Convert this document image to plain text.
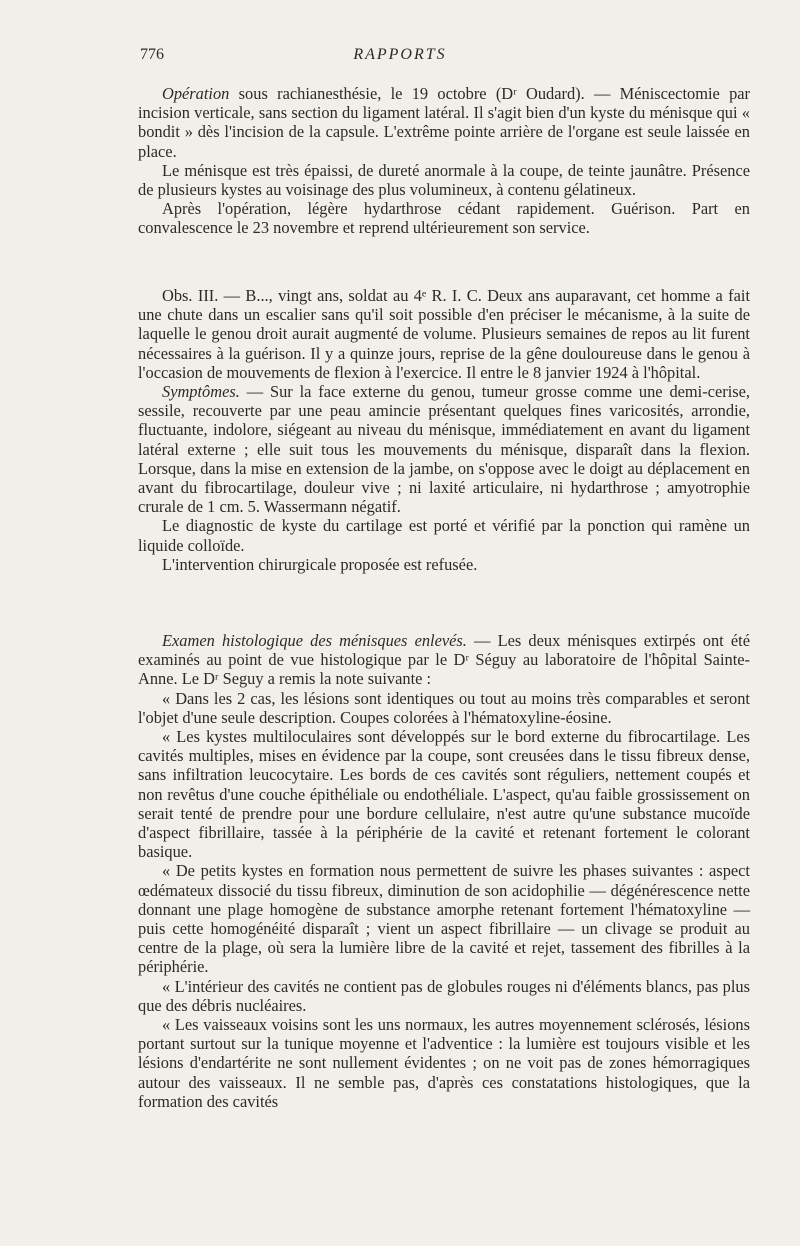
776	RAPPORTS

Opération sous rachianesthésie, le 19 octobre (Dʳ Oudard). — Méniscectomie par incision verticale, sans section du ligament latéral. Il s'agit bien d'un kyste du ménisque qui « bondit » dès l'incision de la capsule. L'extrême pointe arrière de l'organe est seule laissée en place.

Le ménisque est très épaissi, de dureté anormale à la coupe, de teinte jaunâtre. Présence de plusieurs kystes au voisinage des plus volumineux, à contenu gélatineux.

Après l'opération, légère hydarthrose cédant rapidement. Guérison. Part en convalescence le 23 novembre et reprend ultérieurement son service.

Obs. III. — B..., vingt ans, soldat au 4ᵉ R. I. C. Deux ans auparavant, cet homme a fait une chute dans un escalier sans qu'il soit possible d'en préciser le mécanisme, à la suite de laquelle le genou droit aurait augmenté de volume. Plusieurs semaines de repos au lit furent nécessaires à la guérison. Il y a quinze jours, reprise de la gêne douloureuse dans le genou à l'occasion de mouvements de flexion à l'exercice. Il entre le 8 janvier 1924 à l'hôpital.

Symptômes. — Sur la face externe du genou, tumeur grosse comme une demi-cerise, sessile, recouverte par une peau amincie présentant quelques fines varicosités, arrondie, fluctuante, indolore, siégeant au niveau du ménisque, immédiatement en avant du ligament latéral externe ; elle suit tous les mouvements du ménisque, disparaît dans la flexion. Lorsque, dans la mise en extension de la jambe, on s'oppose avec le doigt au déplacement en avant du fibrocartilage, douleur vive ; ni laxité articulaire, ni hydarthrose ; amyotrophie crurale de 1 cm. 5. Wassermann négatif.

Le diagnostic de kyste du cartilage est porté et vérifié par la ponction qui ramène un liquide colloïde.

L'intervention chirurgicale proposée est refusée.

Examen histologique des ménisques enlevés. — Les deux ménisques extirpés ont été examinés au point de vue histologique par le Dʳ Séguy au laboratoire de l'hôpital Sainte-Anne. Le Dʳ Seguy a remis la note suivante :

« Dans les 2 cas, les lésions sont identiques ou tout au moins très comparables et seront l'objet d'une seule description. Coupes colorées à l'hématoxyline-éosine.

« Les kystes multiloculaires sont développés sur le bord externe du fibrocartilage. Les cavités multiples, mises en évidence par la coupe, sont creusées dans le tissu fibreux dense, sans infiltration leucocytaire. Les bords de ces cavités sont réguliers, nettement coupés et non revêtus d'une couche épithéliale ou endothéliale. L'aspect, qu'au faible grossissement on serait tenté de prendre pour une bordure cellulaire, n'est autre qu'une substance mucoïde d'aspect fibrillaire, tassée à la périphérie de la cavité et retenant fortement le colorant basique.

« De petits kystes en formation nous permettent de suivre les phases suivantes : aspect œdémateux dissocié du tissu fibreux, diminution de son acidophilie — dégénérescence nette donnant une plage homogène de substance amorphe retenant fortement l'hématoxyline — puis cette homogénéité disparaît ; vient un aspect fibrillaire — un clivage se produit au centre de la plage, où sera la lumière libre de la cavité et rejet, tassement des fibrilles à la périphérie.

« L'intérieur des cavités ne contient pas de globules rouges ni d'éléments blancs, pas plus que des débris nucléaires.

« Les vaisseaux voisins sont les uns normaux, les autres moyennement sclérosés, lésions portant surtout sur la tunique moyenne et l'adventice : la lumière est toujours visible et les lésions d'endartérite ne sont nullement évidentes ; on ne voit pas de zones hémorragiques autour des vaisseaux. Il ne semble pas, d'après ces constatations histologiques, que la formation des cavités
